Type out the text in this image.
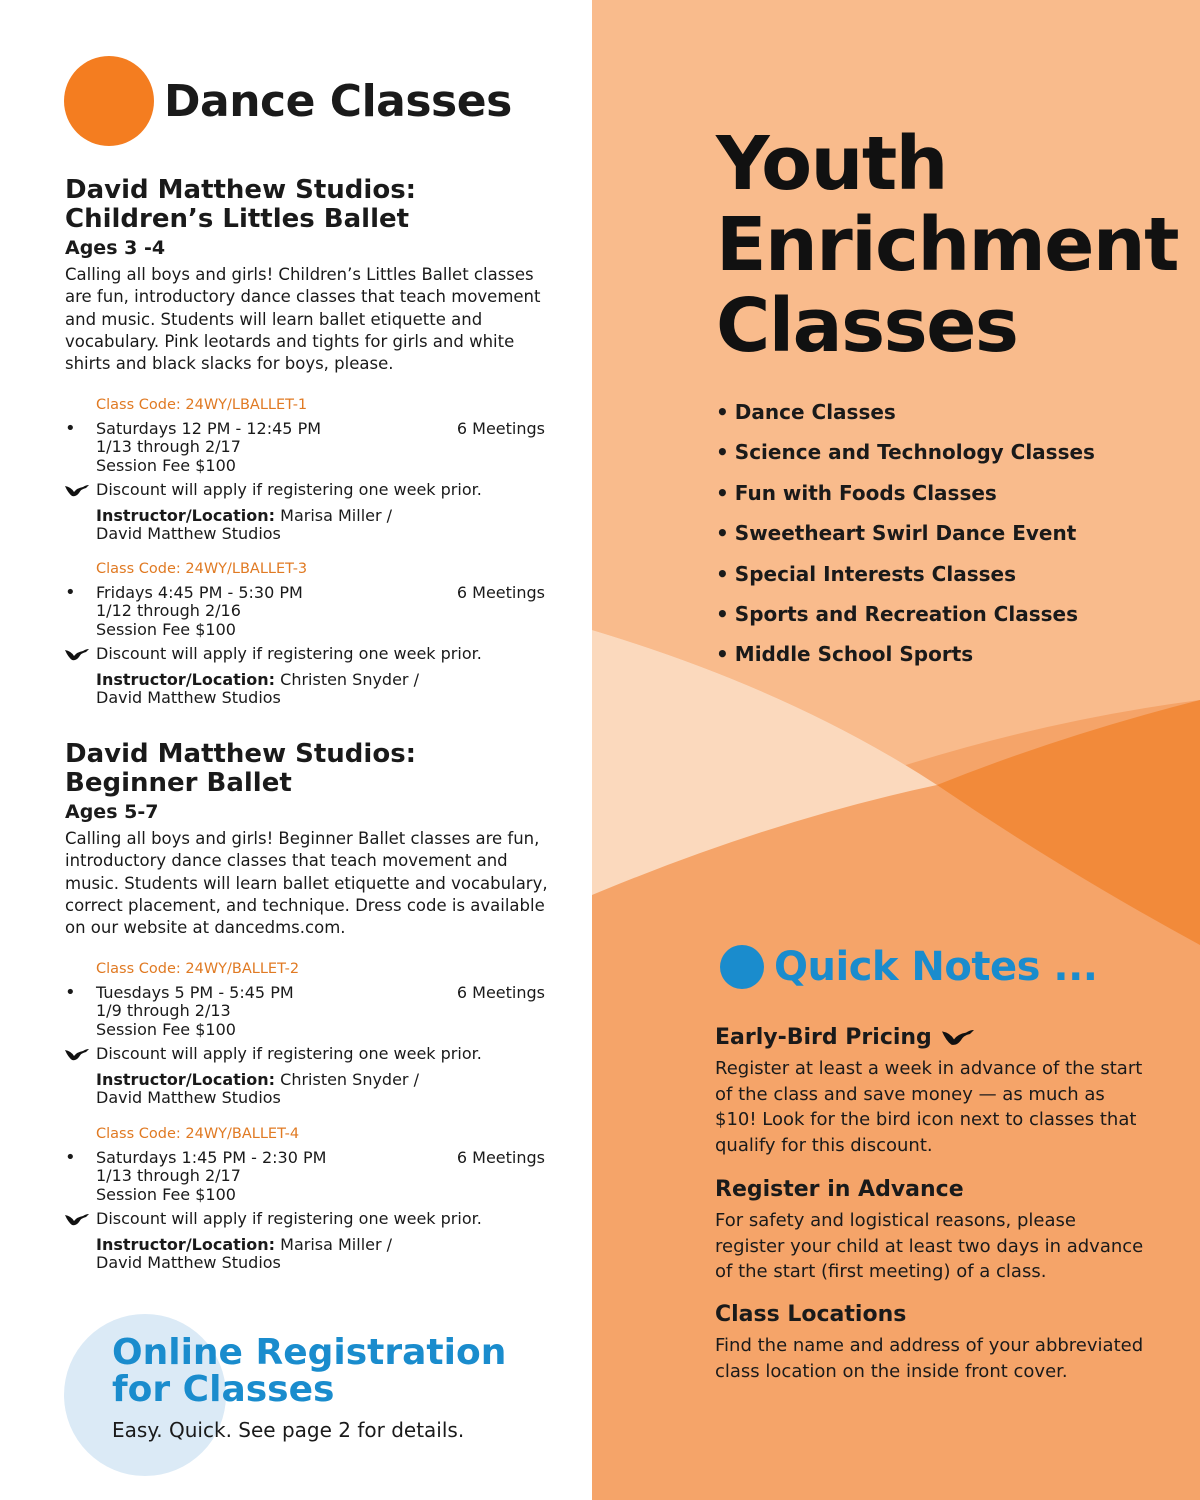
Dance Classes
David Matthew Studios:
Children’s Littles Ballet
Ages 3 -4
Calling all boys and girls! Children’s Littles Ballet classes are fun, introductory dance classes that teach movement and music. Students will learn ballet etiquette and vocabulary. Pink leotards and tights for girls and white shirts and black slacks for boys, please.
Class Code: 24WY/LBALLET-1
• Saturdays 12 PM - 12:45 PM	6 Meetings
1/13 through 2/17
Session Fee $100
Discount will apply if registering one week prior.
Instructor/Location: Marisa Miller /
David Matthew Studios
Class Code: 24WY/LBALLET-3
• Fridays 4:45 PM - 5:30 PM	6 Meetings
1/12 through 2/16
Session Fee $100
Discount will apply if registering one week prior.
Instructor/Location: Christen Snyder /
David Matthew Studios
David Matthew Studios:
Beginner Ballet
Ages 5-7
Calling all boys and girls! Beginner Ballet classes are fun, introductory dance classes that teach movement and music. Students will learn ballet etiquette and vocabulary, correct placement, and technique. Dress code is available on our website at dancedms.com.
Class Code: 24WY/BALLET-2
• Tuesdays 5 PM - 5:45 PM	6 Meetings
1/9 through 2/13
Session Fee $100
Discount will apply if registering one week prior.
Instructor/Location: Christen Snyder /
David Matthew Studios
Class Code: 24WY/BALLET-4
• Saturdays 1:45 PM - 2:30 PM	6 Meetings
1/13 through 2/17
Session Fee $100
Discount will apply if registering one week prior.
Instructor/Location: Marisa Miller /
David Matthew Studios
Online Registration
for Classes
Easy. Quick. See page 2 for details.
Youth
Enrichment
Classes
• Dance Classes
• Science and Technology Classes
• Fun with Foods Classes
• Sweetheart Swirl Dance Event
• Special Interests Classes
• Sports and Recreation Classes
• Middle School Sports
Quick Notes ...
Early-Bird Pricing
Register at least a week in advance of the start of the class and save money — as much as $10! Look for the bird icon next to classes that qualify for this discount.
Register in Advance
For safety and logistical reasons, please register your child at least two days in advance of the start (first meeting) of a class.
Class Locations
Find the name and address of your abbreviated class location on the inside front cover.
